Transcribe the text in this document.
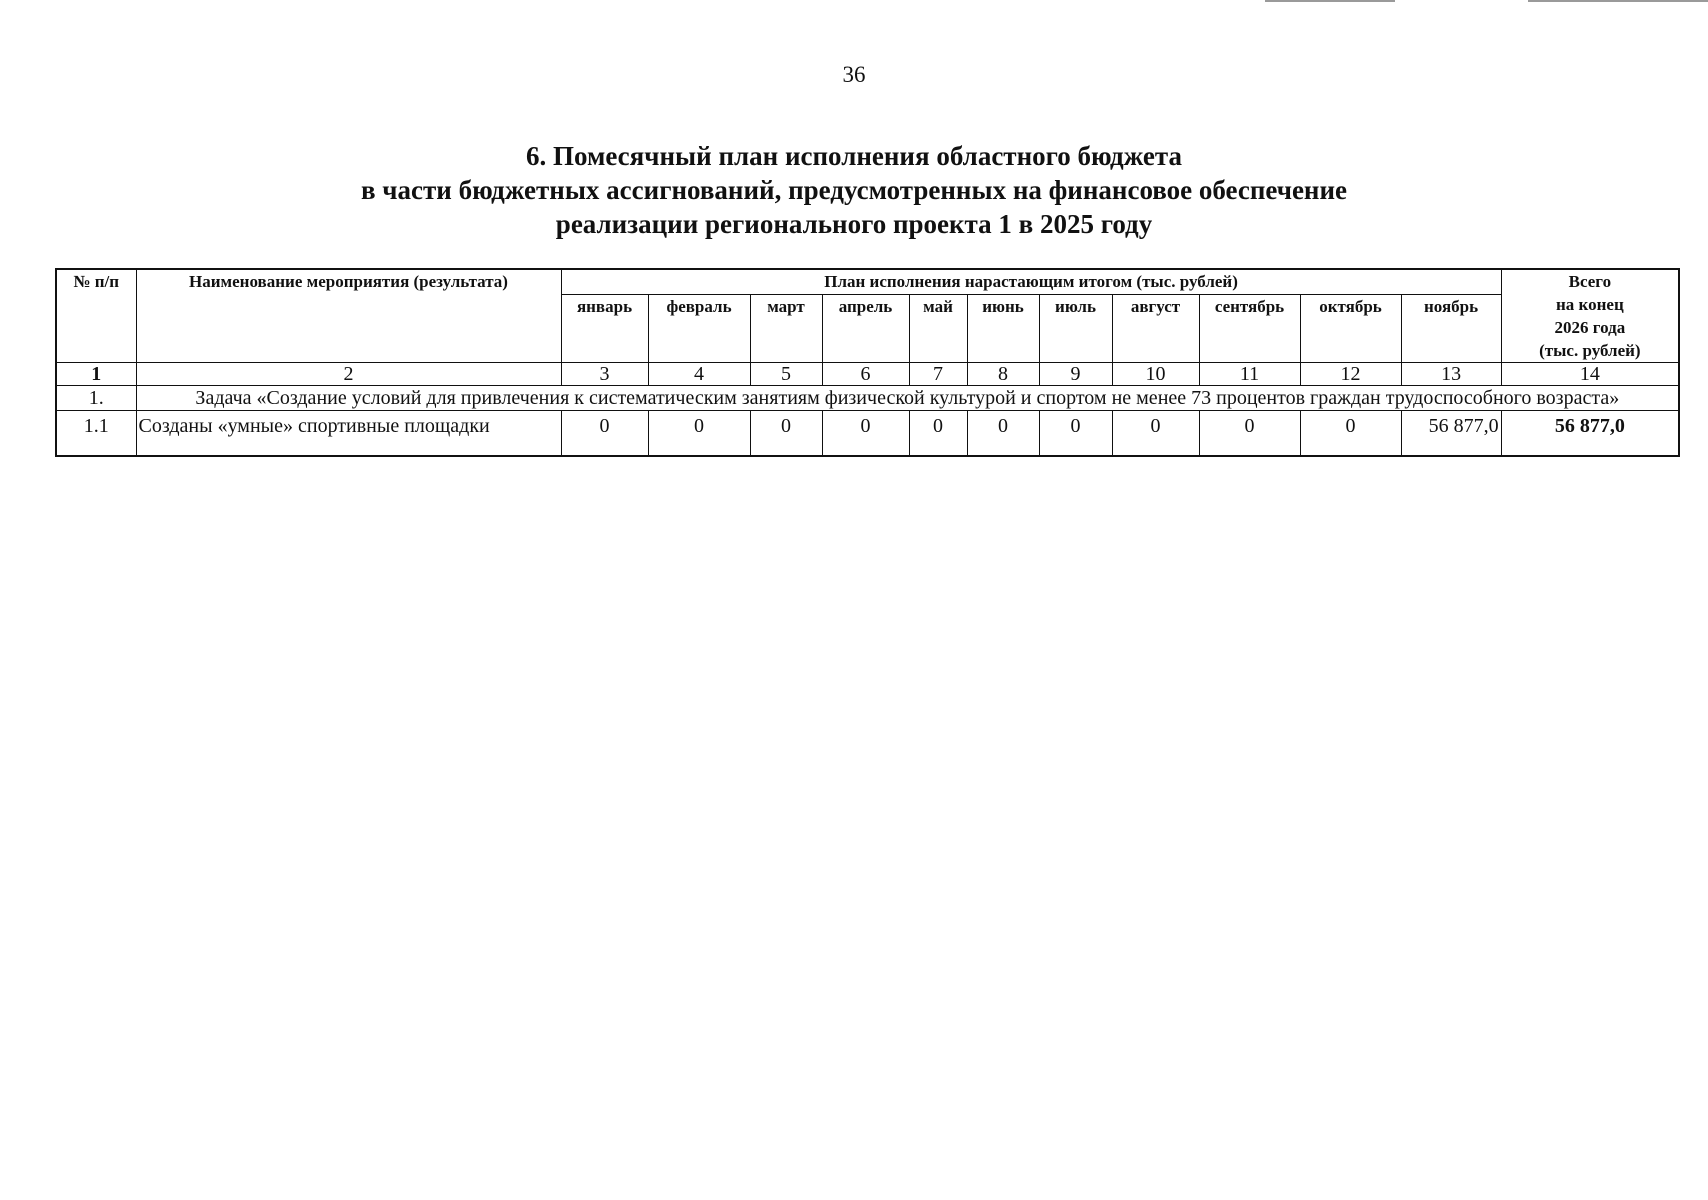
36
6. Помесячный план исполнения областного бюджета
в части бюджетных ассигнований, предусмотренных на финансовое обеспечение
реализации регионального проекта 1 в 2025 году
№ п/п	Наименование мероприятия (результата)	План исполнения нарастающим итогом (тыс. рублей)											Всего
на конец
2026 года
(тыс. рублей)

		январь	февраль	март	апрель	май	июнь	июль	август	сентябрь	октябрь	ноябрь	
1	2	3	4	5	6	7	8	9	10	11	12	13	14
1.	Задача «Создание условий для привлечения к систематическим занятиям физической культурой и спортом не менее 73 процентов граждан трудоспособного возраста»												
1.1	Созданы «умные» спортивные площадки	0	0	0	0	0	0	0	0	0	0	56 877,0	56 877,0
